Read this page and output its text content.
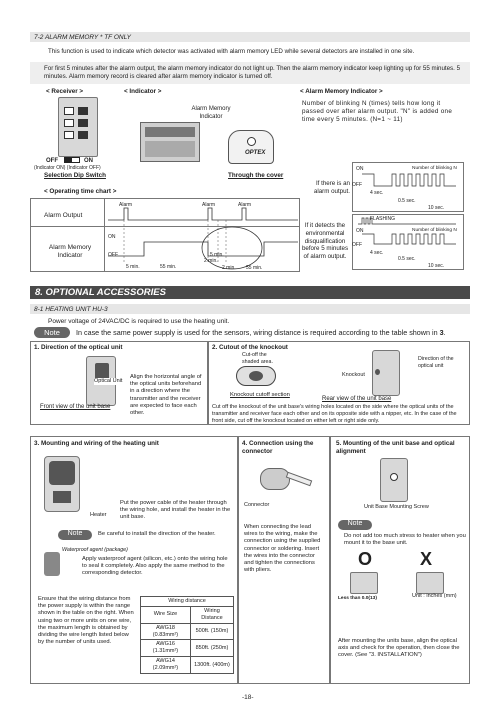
7-2 ALARM MEMORY * TF ONLY
This function is used to indicate which detector was activated with alarm memory LED while several detectors are installed in one site.
For first 5 minutes after the alarm output, the alarm memory indicator do not light up. Then the alarm memory indicator keep lighting up for 55 minutes. 5 minutes. Alarm memory record is cleared after alarm memory indicator is turned off.
< Receiver >
OFF	ON
(Indicator ON) (Indicator OFF)
Selection Dip Switch
< Indicator >
Alarm Memory Indicator
OPTEX
Through the cover
< Alarm Memory Indicator >
Number of blinking N (times) tells how long it passed over after alarm output. "N" is added one time every 5 minutes. (N=1 ~ 11)
< Operating time chart >
Alarm Output
Alarm Memory Indicator
Alarm	Alarm	Alarm
ON
OFF
5 min.	55 min.
5 min.
2 min.
2 min. 55 min.
If there is an alarm output.
ON
OFF
Number of blinking N
4 sec.
0.5 sec.
10 sec.
If it detects the environmental disqualification before 5 minutes of alarm output.
FLASHING
ON
OFF
Number of blinking N
4 sec.
0.5 sec.
10 sec.
8. OPTIONAL ACCESSORIES
8-1 HEATING UNIT HU-3
Power voltage of 24VAC/DC is required to use the heating unit.
Note	In case the same power supply is used for the sensors, wiring distance is required according to the table shown in 3.
1. Direction of the optical unit
Optical Unit
Align the horizontal angle of the optical units beforehand in a direction where the transmitter and the receiver are expected to face each other.
Front view of the unit base
2. Cutout of the knockout
Cut-off the shaded area.
Knockout cutoff section
Knockout
Direction of the optical unit
Rear view of the unit base
Cut off the knockout of the unit base's wiring holes located on the side where the optical units of the transmitter and receiver face each other and on its opposite side with a nipper, etc. In the case of the front side, cut off the knockout located on either left or right side only.
3. Mounting and wiring of the heating unit
Heater
Put the power cable of the heater through the wiring hole, and install the heater in the unit base.
Note	Be careful to install the direction of the heater.
Waterproof agent (package)
Apply waterproof agent (silicon, etc.) onto the wiring hole to seal it completely. Also apply the same method to the corresponding detector.
Ensure that the wiring distance from the power supply is within the range shown in the table on the right. When using two or more units on one wire, the maximum length is obtained by dividing the wire length listed below by the number of units used.
Wiring distance	
Wire Size	Wiring Distance
AWG18 (0.83mm²)	500ft. (150m)
AWG16 (1.31mm²)	850ft. (250m)
AWG14 (2.09mm²)	1300ft. (400m)
4. Connection using the connector
Connector
When connecting the lead wires to the wiring, make the connection using the supplied connector or soldering. Insert the wires into the connector and tighten the connections with pliers.
5. Mounting of the unit base and optical alignment
Unit Base Mounting Screw
Note
Do not add too much stress to heater when you mount it to the base unit.
O	X
Less than 0.0(13)	Unit : inches (mm)
After mounting the units base, align the optical axis and check for the operation, then close the cover. (See "3. INSTALLATION")
-18-
